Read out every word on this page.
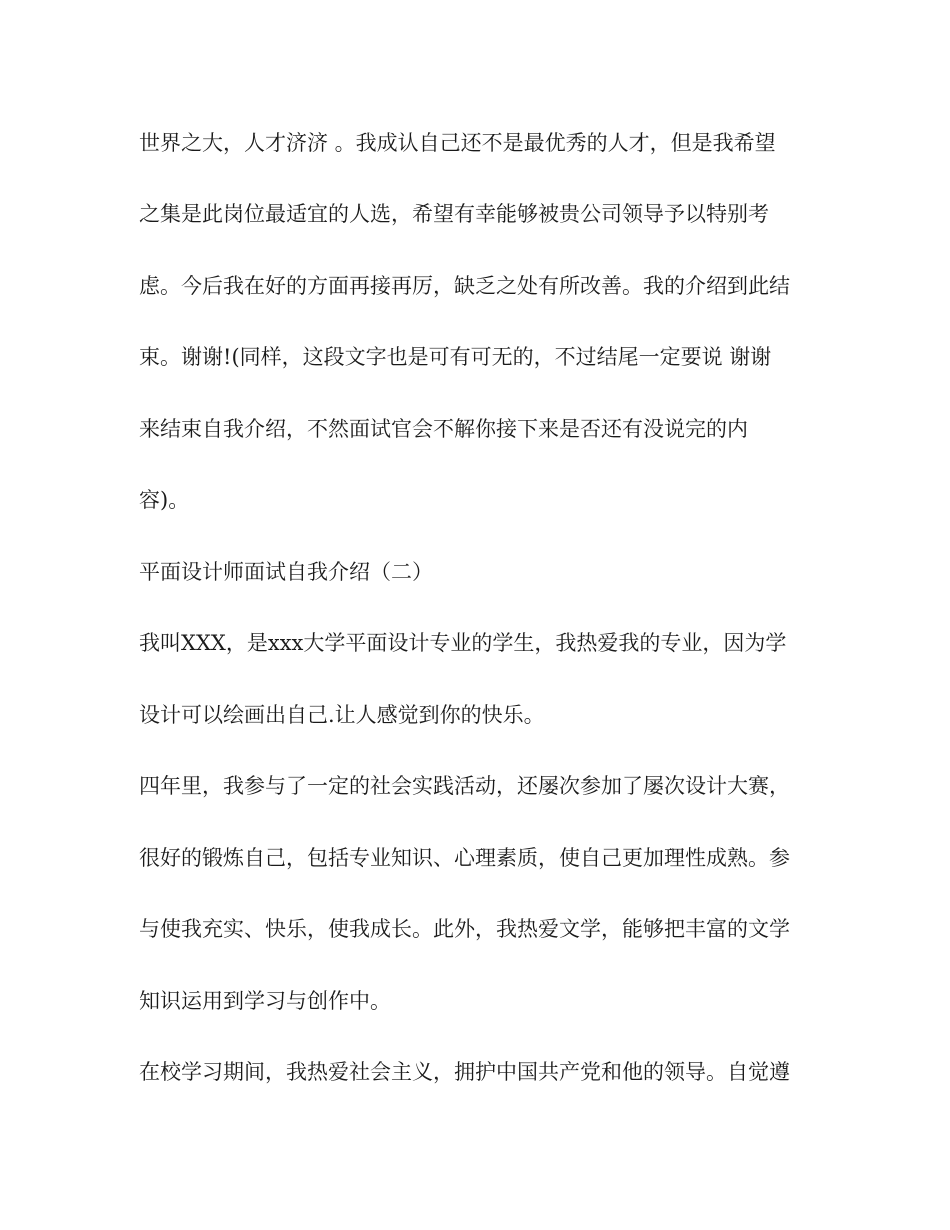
世界之大，人才济济 。我成认自己还不是最优秀的人才，但是我希望
之集是此岗位最适宜的人选，希望有幸能够被贵公司领导予以特别考
虑。今后我在好的方面再接再厉，缺乏之处有所改善。我的介绍到此结
束。谢谢!(同样，这段文字也是可有可无的，不过结尾一定要说 谢谢
来结束自我介绍，不然面试官会不解你接下来是否还有没说完的内
容)。
平面设计师面试自我介绍（二）
我叫XXX，是xxx大学平面设计专业的学生，我热爱我的专业，因为学
设计可以绘画出自己.让人感觉到你的快乐。
四年里，我参与了一定的社会实践活动，还屡次参加了屡次设计大赛，
很好的锻炼自己，包括专业知识、心理素质，使自己更加理性成熟。参
与使我充实、快乐，使我成长。此外，我热爱文学，能够把丰富的文学
知识运用到学习与创作中。
在校学习期间，我热爱社会主义，拥护中国共产党和他的领导。自觉遵
